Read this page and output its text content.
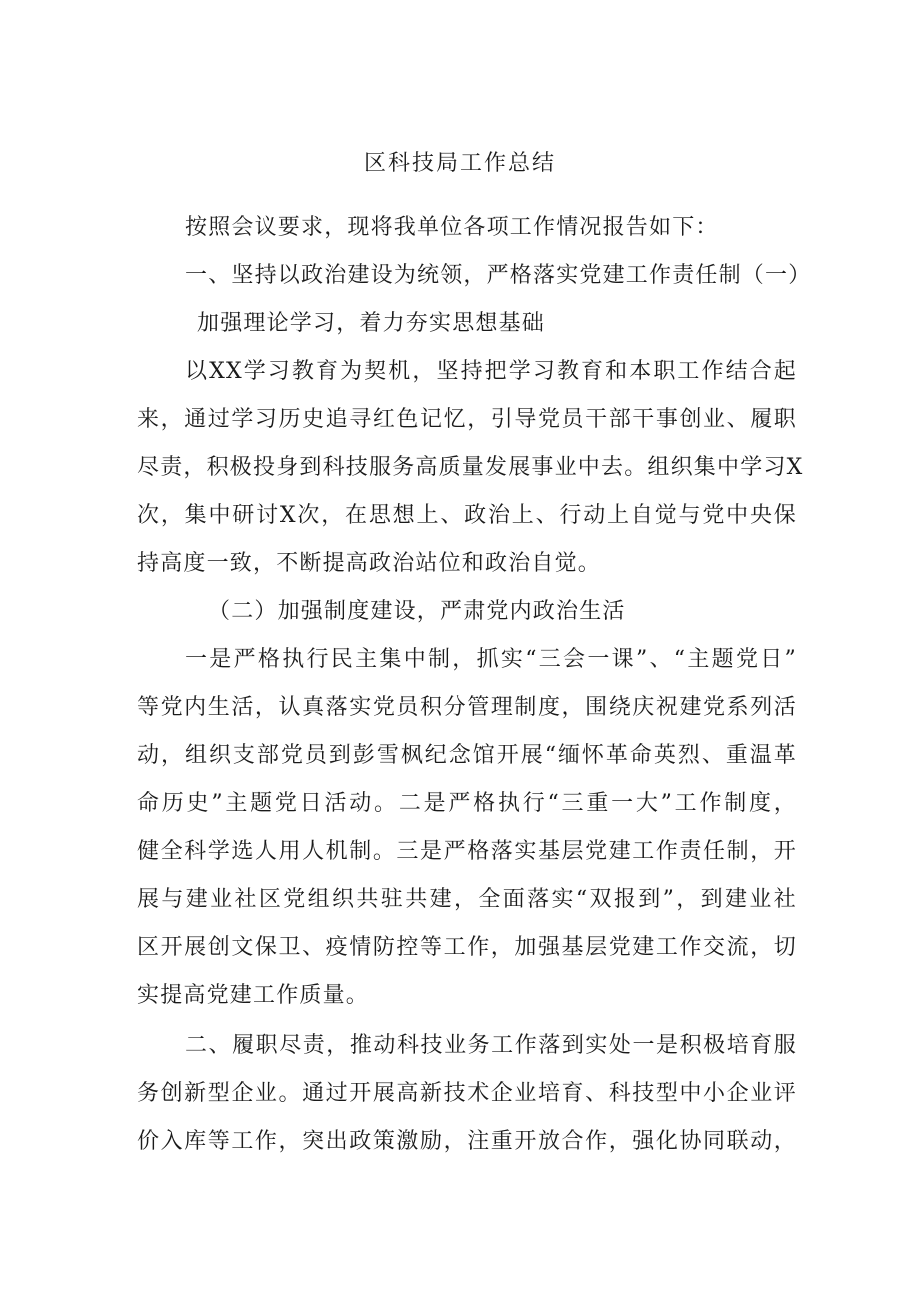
区科技局工作总结
按照会议要求，现将我单位各项工作情况报告如下：
一、坚持以政治建设为统领，严格落实党建工作责任制（一）
加强理论学习，着力夯实思想基础
以XX学习教育为契机，坚持把学习教育和本职工作结合起
来，通过学习历史追寻红色记忆，引导党员干部干事创业、履职
尽责，积极投身到科技服务高质量发展事业中去。组织集中学习X
次，集中研讨X次，在思想上、政治上、行动上自觉与党中央保
持高度一致，不断提高政治站位和政治自觉。
（二）加强制度建设，严肃党内政治生活
一是严格执行民主集中制，抓实“三会一课”、“主题党日”
等党内生活，认真落实党员积分管理制度，围绕庆祝建党系列活
动，组织支部党员到彭雪枫纪念馆开展“缅怀革命英烈、重温革
命历史”主题党日活动。二是严格执行“三重一大”工作制度，
健全科学选人用人机制。三是严格落实基层党建工作责任制，开
展与建业社区党组织共驻共建，全面落实“双报到”，到建业社
区开展创文保卫、疫情防控等工作，加强基层党建工作交流，切
实提高党建工作质量。
二、履职尽责，推动科技业务工作落到实处一是积极培育服
务创新型企业。通过开展高新技术企业培育、科技型中小企业评
价入库等工作，突出政策激励，注重开放合作，强化协同联动，
